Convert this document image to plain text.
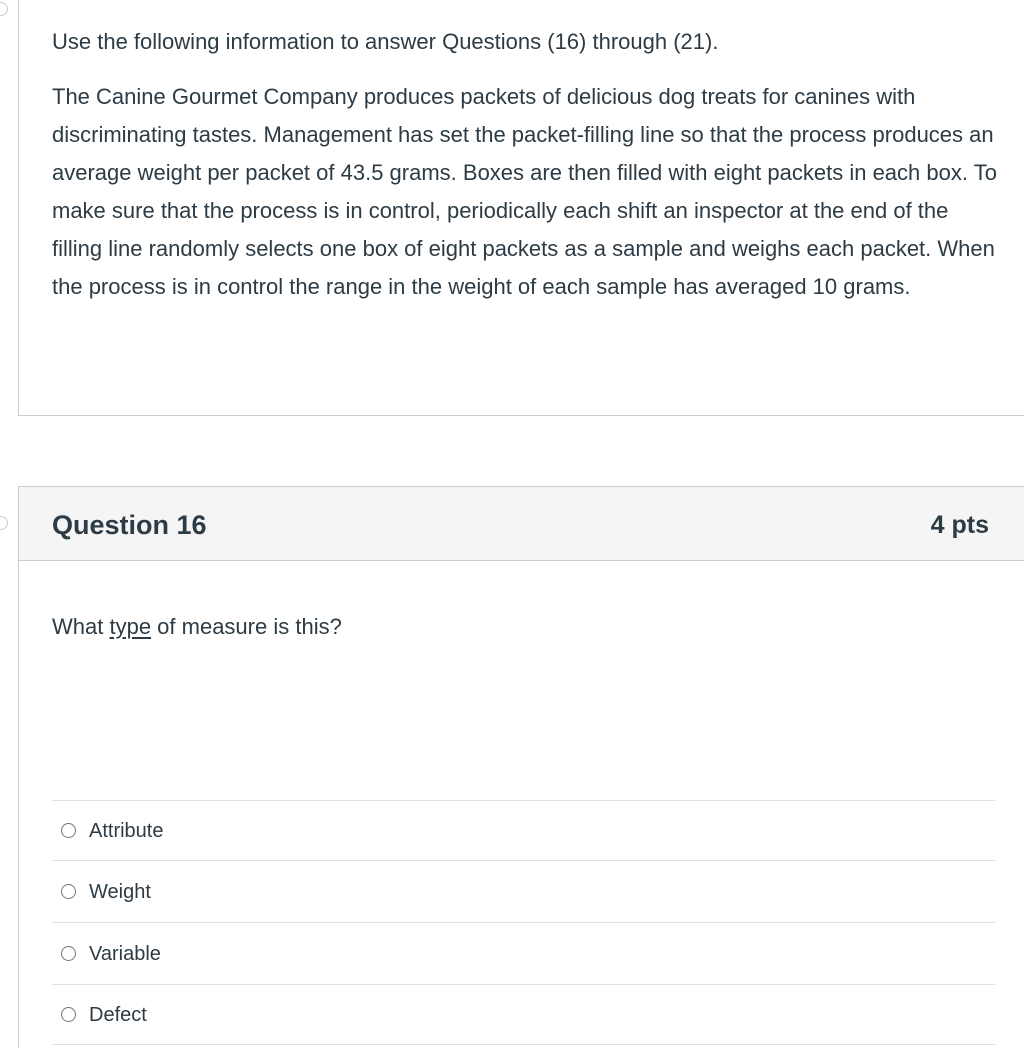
Use the following information to answer Questions (16) through (21).

The Canine Gourmet Company produces packets of delicious dog treats for canines with discriminating tastes. Management has set the packet-filling line so that the process produces an average weight per packet of 43.5 grams. Boxes are then filled with eight packets in each box. To make sure that the process is in control, periodically each shift an inspector at the end of the filling line randomly selects one box of eight packets as a sample and weighs each packet. When the process is in control the range in the weight of each sample has averaged 10 grams.

Question 16	4 pts

What type of measure is this?

Attribute
Weight
Variable
Defect
